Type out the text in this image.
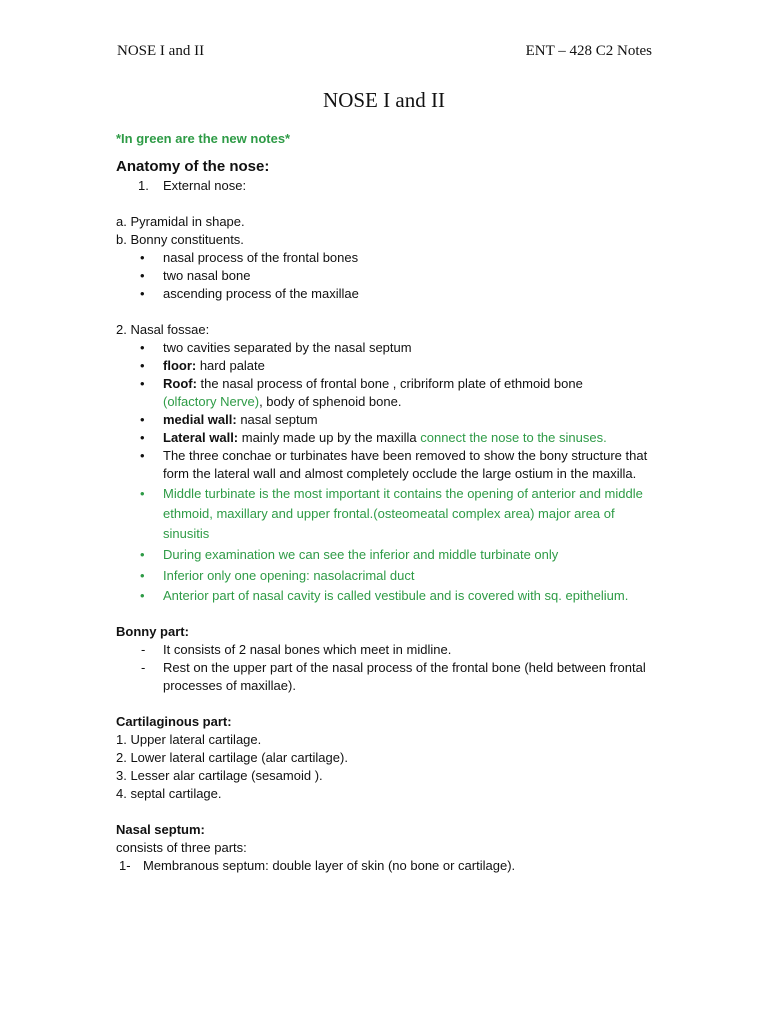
NOSE I and II	ENT – 428 C2 Notes
NOSE I and II
*In green are the new notes*
Anatomy of the nose:
1. External nose:
a. Pyramidal in shape.
b. Bonny constituents.
• nasal process of the frontal bones
• two nasal bone
• ascending process of the maxillae
2. Nasal fossae:
• two cavities separated by the nasal septum
• floor: hard palate
• Roof: the nasal process of frontal bone , cribriform plate of ethmoid bone
(olfactory Nerve), body of sphenoid bone.
• medial wall: nasal septum
• Lateral wall: mainly made up by the maxilla connect the nose to the sinuses.
• The three conchae or turbinates have been removed to show the bony structure that form the lateral wall and almost completely occlude the large ostium in the maxilla.
• Middle turbinate is the most important it contains the opening of anterior and middle ethmoid, maxillary and upper frontal.(osteomeatal complex area) major area of sinusitis
• During examination we can see the inferior and middle turbinate only
• Inferior only one opening: nasolacrimal duct
• Anterior part of nasal cavity is called vestibule and is covered with sq. epithelium.
Bonny part:
- It consists of 2 nasal bones which meet in midline.
- Rest on the upper part of the nasal process of the frontal bone (held between frontal processes of maxillae).
Cartilaginous part:
1. Upper lateral cartilage.
2. Lower lateral cartilage (alar cartilage).
3. Lesser alar cartilage (sesamoid ).
4. septal cartilage.
Nasal septum:
consists of three parts:
1- Membranous septum: double layer of skin (no bone or cartilage).
